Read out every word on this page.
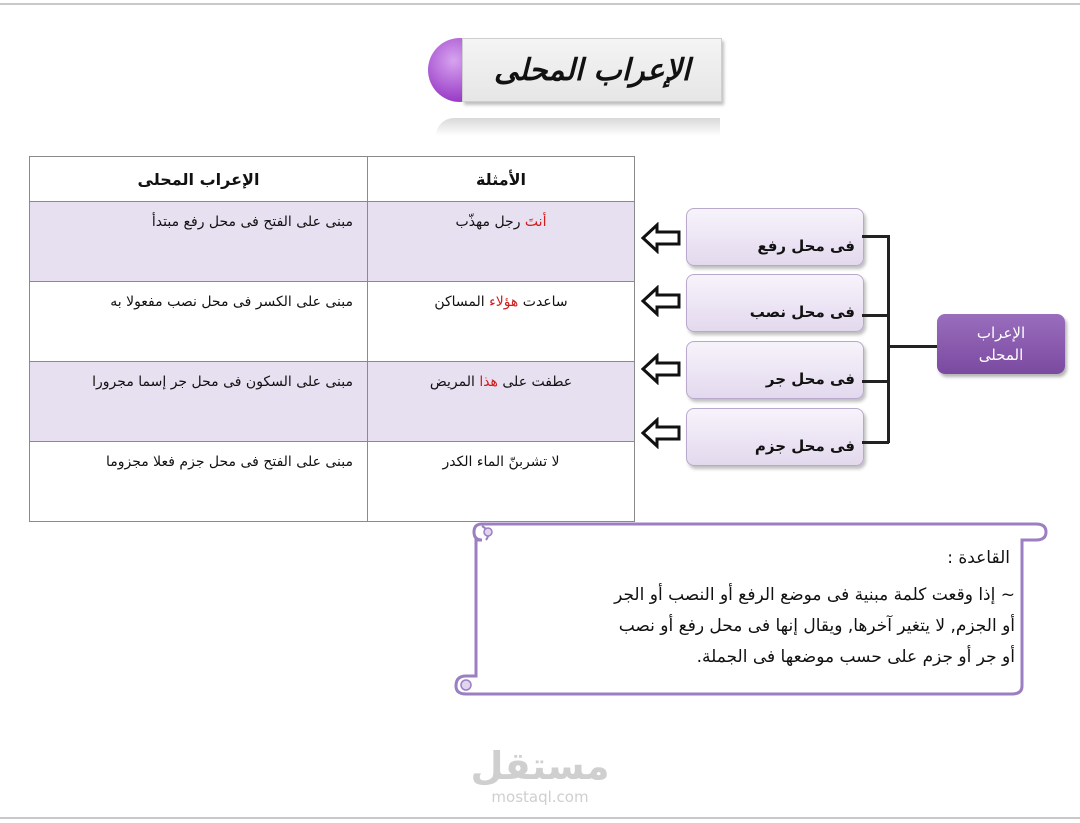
الإعراب المحلى
الأمثلة	الإعراب المحلى
أنتَ رجل مهذّب	مبنى على الفتح فى محل رفع مبتدأ
ساعدت هؤلاء المساكن	مبنى على الكسر فى محل نصب مفعولا به
عطفت على هذا المريض	مبنى على السكون فى محل جر إسما مجرورا
لا تشربنّ الماء الكدر	مبنى على الفتح فى محل جزم فعلا مجزوما
فى محل رفع
فى محل نصب
فى محل جر
فى محل جزم
الإعراب المحلى
القاعدة :
~ إذا وقعت كلمة مبنية فى موضع الرفع أو النصب أو الجر
أو الجزم, لا يتغير آخرها, ويقال إنها فى محل رفع أو نصب
أو جر أو جزم على حسب موضعها فى الجملة.
مستقل
mostaql.com
